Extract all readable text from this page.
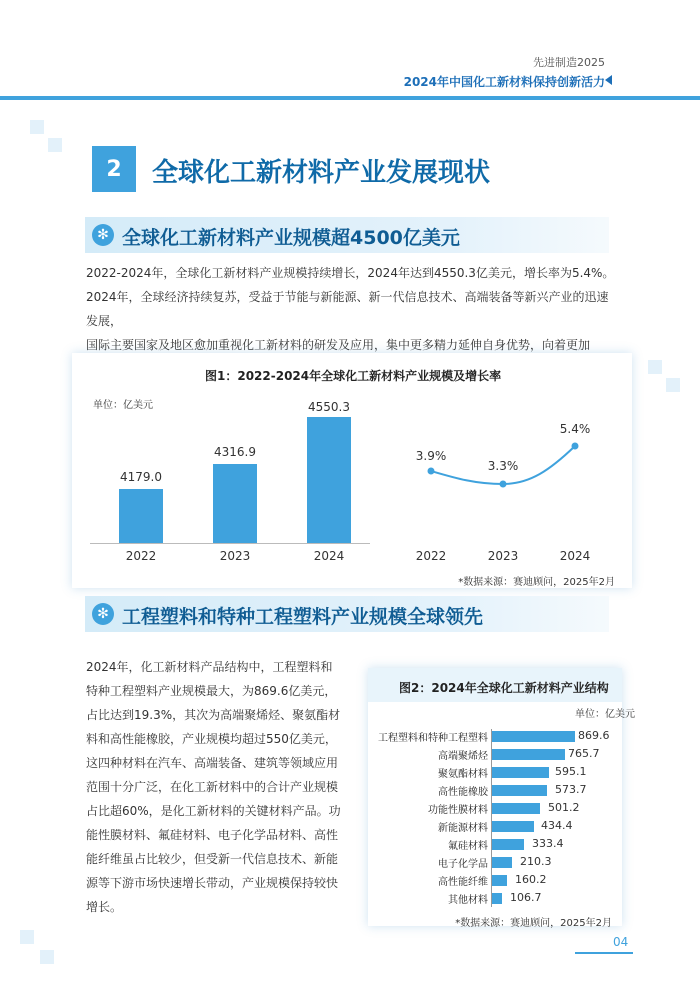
先进制造2025
2024年中国化工新材料保持创新活力
2	全球化工新材料产业发展现状
✻ 全球化工新材料产业规模超4500亿美元
2022-2024年，全球化工新材料产业规模持续增长，2024年达到4550.3亿美元，增长率为5.4%。
2024年，全球经济持续复苏，受益于节能与新能源、新一代信息技术、高端装备等新兴产业的迅速发展，
国际主要国家及地区愈加重视化工新材料的研发及应用，集中更多精力延伸自身优势，向着更加
图1：2022-2024年全球化工新材料产业规模及增长率
单位：亿美元
4179.0
4316.9
4550.3
2022	2023	2024
3.9%
3.3%
5.4%
2022	2023	2024
*数据来源：赛迪顾问，2025年2月
✻ 工程塑料和特种工程塑料产业规模全球领先
2024年，化工新材料产品结构中，工程塑料和
特种工程塑料产业规模最大，为869.6亿美元，
占比达到19.3%，其次为高端聚烯烃、聚氨酯材
料和高性能橡胶，产业规模均超过550亿美元，
这四种材料在汽车、高端装备、建筑等领域应用
范围十分广泛，在化工新材料中的合计产业规模
占比超60%，是化工新材料的关键材料产品。功
能性膜材料、氟硅材料、电子化学品材料、高性
能纤维虽占比较少，但受新一代信息技术、新能
源等下游市场快速增长带动，产业规模保持较快
增长。
图2：2024年全球化工新材料产业结构
单位：亿美元
工程塑料和特种工程塑料	869.6
高端聚烯烃	765.7
聚氨酯材料	595.1
高性能橡胶	573.7
功能性膜材料	501.2
新能源材料	434.4
氟硅材料	333.4
电子化学品	210.3
高性能纤维 160.2
其他材料 106.7
*数据来源：赛迪顾问，2025年2月
04
